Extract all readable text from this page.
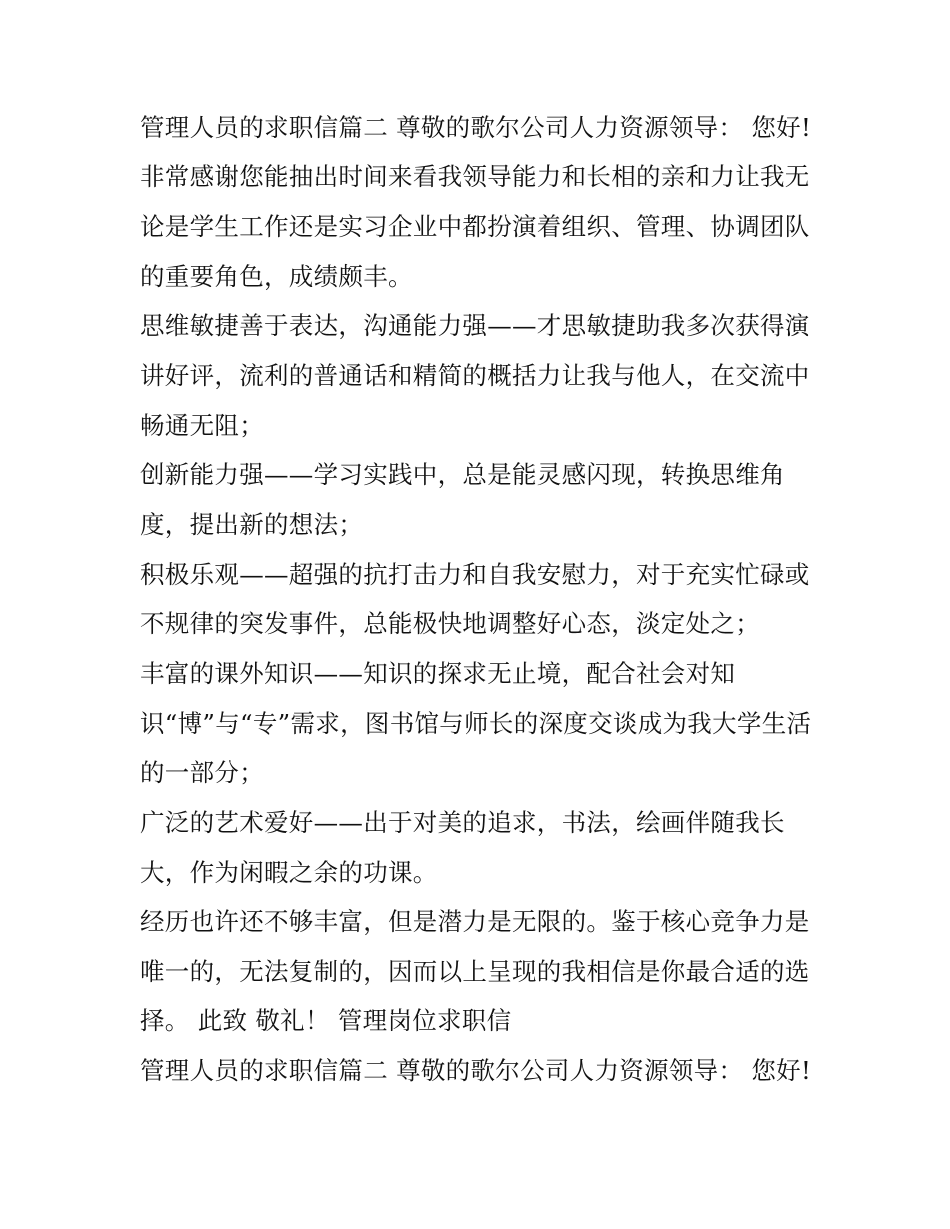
管理人员的求职信篇二 尊敬的歌尔公司人力资源领导： 您好!
非常感谢您能抽出时间来看我领导能力和长相的亲和力让我无
论是学生工作还是实习企业中都扮演着组织、管理、协调团队
的重要角色，成绩颇丰。
思维敏捷善于表达，沟通能力强——才思敏捷助我多次获得演
讲好评，流利的普通话和精简的概括力让我与他人，在交流中
畅通无阻；
创新能力强——学习实践中，总是能灵感闪现，转换思维角
度，提出新的想法；
积极乐观——超强的抗打击力和自我安慰力，对于充实忙碌或
不规律的突发事件，总能极快地调整好心态，淡定处之；
丰富的课外知识——知识的探求无止境，配合社会对知
识“博”与“专”需求，图书馆与师长的深度交谈成为我大学生活
的一部分；
广泛的艺术爱好——出于对美的追求，书法，绘画伴随我长
大，作为闲暇之余的功课。
经历也许还不够丰富，但是潜力是无限的。鉴于核心竞争力是
唯一的，无法复制的，因而以上呈现的我相信是你最合适的选
择。 此致 敬礼！ 管理岗位求职信
管理人员的求职信篇二 尊敬的歌尔公司人力资源领导： 您好!
